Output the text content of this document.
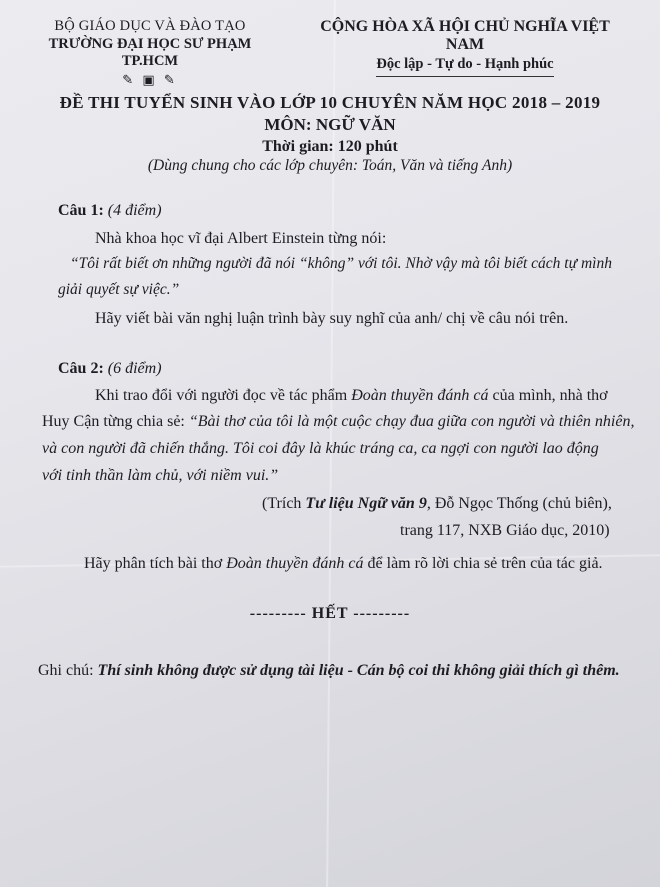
BỘ GIÁO DỤC VÀ ĐÀO TẠO
TRƯỜNG ĐẠI HỌC SƯ PHẠM TP.HCM
✎ ▣ ✎
CỘNG HÒA XÃ HỘI CHỦ NGHĨA VIỆT NAM
Độc lập - Tự do - Hạnh phúc
ĐỀ THI TUYỂN SINH VÀO LỚP 10 CHUYÊN NĂM HỌC 2018 – 2019
MÔN: NGỮ VĂN
Thời gian: 120 phút
(Dùng chung cho các lớp chuyên: Toán, Văn và tiếng Anh)
Câu 1: (4 điểm)
Nhà khoa học vĩ đại Albert Einstein từng nói:
“Tôi rất biết ơn những người đã nói “không” với tôi. Nhờ vậy mà tôi biết cách tự mình
giải quyết sự việc.”
Hãy viết bài văn nghị luận trình bày suy nghĩ của anh/ chị về câu nói trên.
Câu 2: (6 điểm)
Khi trao đổi với người đọc về tác phẩm Đoàn thuyền đánh cá của mình, nhà thơ
Huy Cận từng chia sẻ: “Bài thơ của tôi là một cuộc chạy đua giữa con người và thiên nhiên,
và con người đã chiến thắng. Tôi coi đây là khúc tráng ca, ca ngợi con người lao động
với tinh thần làm chủ, với niềm vui.”
(Trích Tư liệu Ngữ văn 9, Đỗ Ngọc Thống (chủ biên),
trang 117, NXB Giáo dục, 2010)
Hãy phân tích bài thơ Đoàn thuyền đánh cá để làm rõ lời chia sẻ trên của tác giả.
--------- HẾT ---------
Ghi chú: Thí sinh không được sử dụng tài liệu - Cán bộ coi thi không giải thích gì thêm.
